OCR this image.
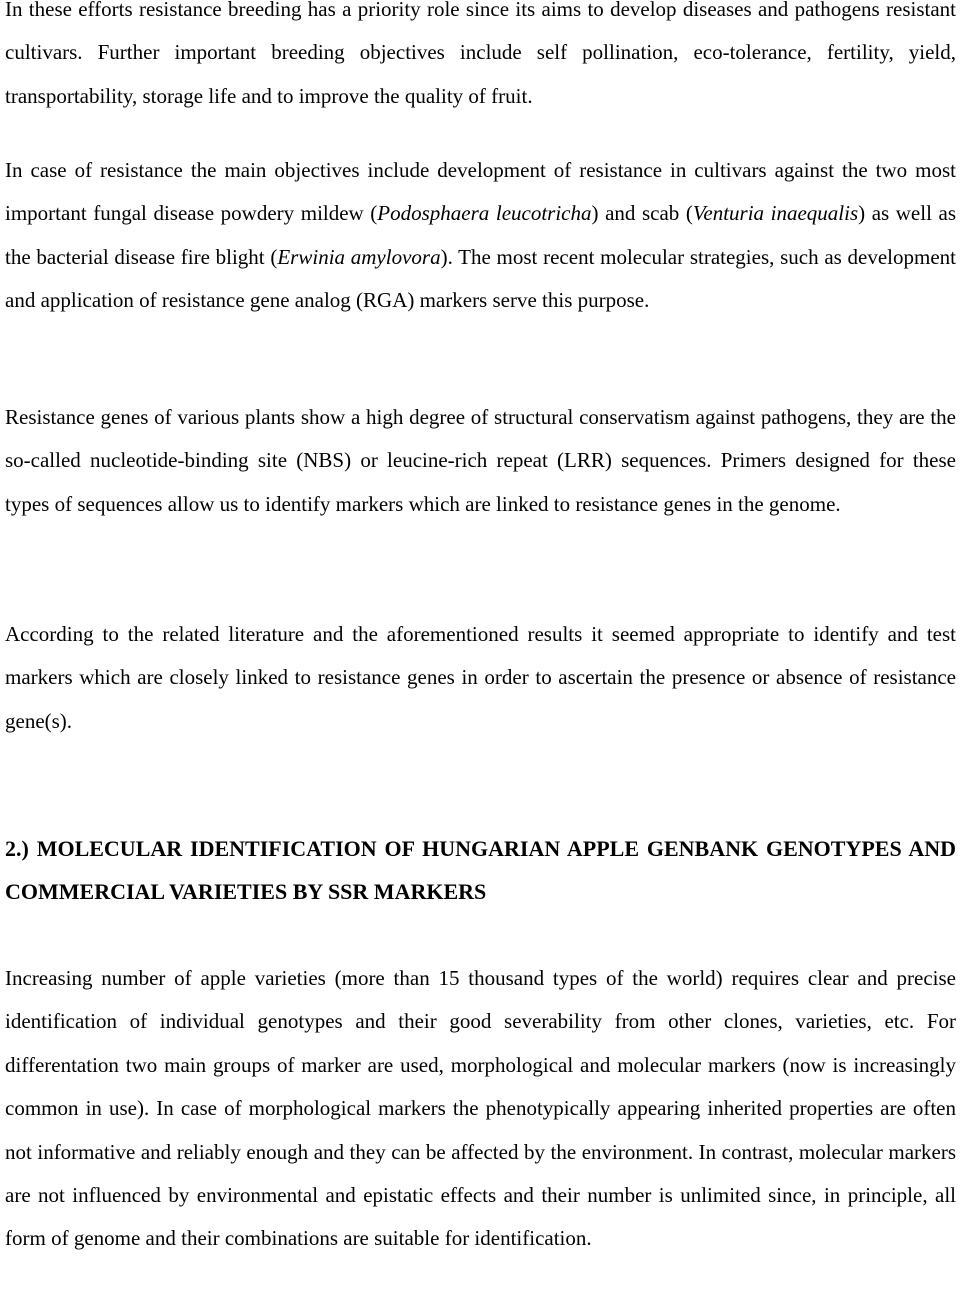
In these efforts resistance breeding has a priority role since its aims to develop diseases and pathogens resistant cultivars. Further important breeding objectives include self pollination, eco-tolerance, fertility, yield, transportability, storage life and to improve the quality of fruit.

In case of resistance the main objectives include development of resistance in cultivars against the two most important fungal disease powdery mildew (Podosphaera leucotricha) and scab (Venturia inaequalis) as well as the bacterial disease fire blight (Erwinia amylovora). The most recent molecular strategies, such as development and application of resistance gene analog (RGA) markers serve this purpose.

Resistance genes of various plants show a high degree of structural conservatism against pathogens, they are the so-called nucleotide-binding site (NBS) or leucine-rich repeat (LRR) sequences. Primers designed for these types of sequences allow us to identify markers which are linked to resistance genes in the genome.

According to the related literature and the aforementioned results it seemed appropriate to identify and test markers which are closely linked to resistance genes in order to ascertain the presence or absence of resistance gene(s).

2.) MOLECULAR IDENTIFICATION OF HUNGARIAN APPLE GENBANK GENOTYPES AND COMMERCIAL VARIETIES BY SSR MARKERS

Increasing number of apple varieties (more than 15 thousand types of the world) requires clear and precise identification of individual genotypes and their good severability from other clones, varieties, etc. For differentation two main groups of marker are used, morphological and molecular markers (now is increasingly common in use). In case of morphological markers the phenotypically appearing inherited properties are often not informative and reliably enough and they can be affected by the environment. In contrast, molecular markers are not influenced by environmental and epistatic effects and their number is unlimited since, in principle, all form of genome and their combinations are suitable for identification.
